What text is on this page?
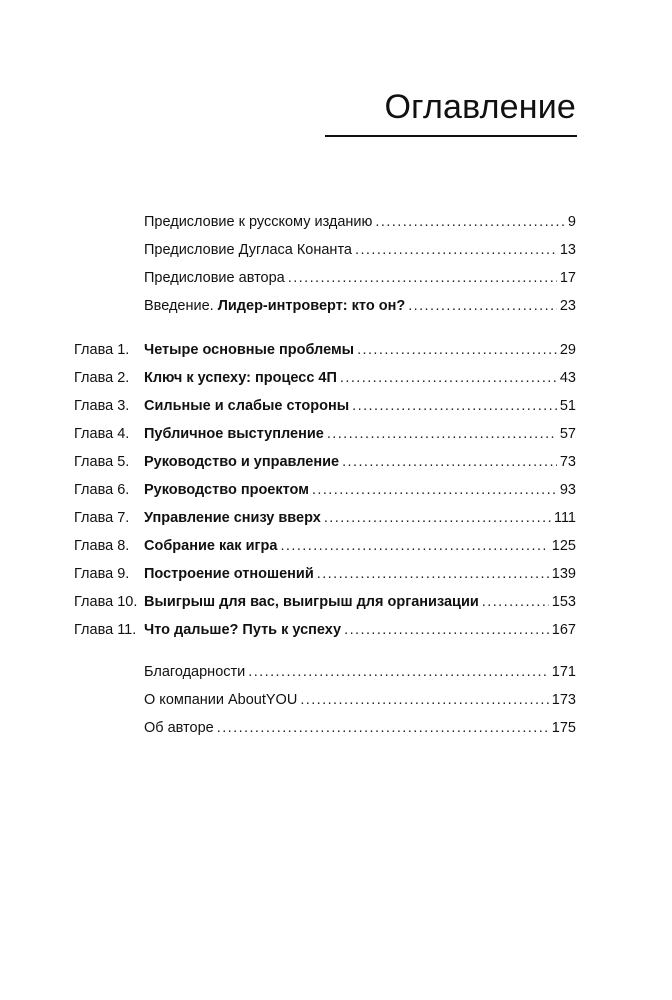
Оглавление
Предисловие к русскому изданию . . .	9
Предисловие Дугласа Конанта . . .	13
Предисловие автора . . .	17
Введение. Лидер-интроверт: кто он? . . .	23
Глава 1. Четыре основные проблемы . . .	29
Глава 2. Ключ к успеху: процесс 4П . . .	43
Глава 3. Сильные и слабые стороны . . .	51
Глава 4. Публичное выступление . . .	57
Глава 5. Руководство и управление . . .	73
Глава 6. Руководство проектом . . .	93
Глава 7. Управление снизу вверх . . .	111
Глава 8. Собрание как игра . . .	125
Глава 9. Построение отношений . . .	139
Глава 10. Выигрыш для вас, выигрыш для организации . . .	153
Глава 11. Что дальше? Путь к успеху . . .	167
Благодарности . . .	171
О компании AboutYOU . . .	173
Об авторе . . .	175
